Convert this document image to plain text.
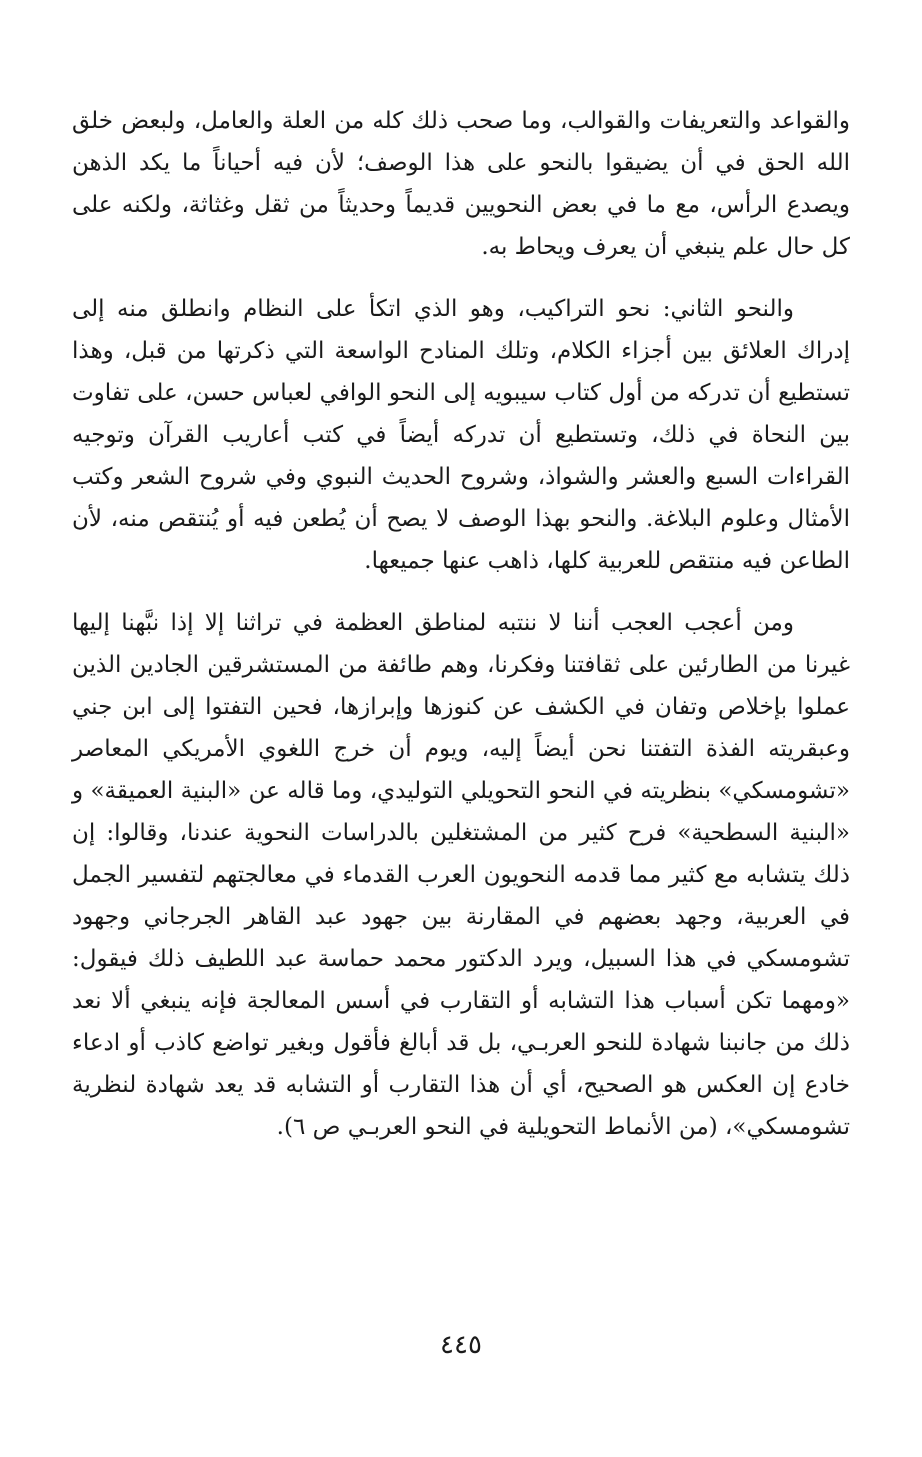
والقواعد والتعريفات والقوالب، وما صحب ذلك كله من العلة والعامل، ولبعض خلق الله الحق في أن يضيقوا بالنحو على هذا الوصف؛ لأن فيه أحياناً ما يكد الذهن ويصدع الرأس، مع ما في بعض النحويين قديماً وحديثاً من ثقل وغثاثة، ولكنه على كل حال علم ينبغي أن يعرف ويحاط به.

والنحو الثاني: نحو التراكيب، وهو الذي اتكأ على النظام وانطلق منه إلى إدراك العلائق بين أجزاء الكلام، وتلك المنادح الواسعة التي ذكرتها من قبل، وهذا تستطيع أن تدركه من أول كتاب سيبويه إلى النحو الوافي لعباس حسن، على تفاوت بين النحاة في ذلك، وتستطيع أن تدركه أيضاً في كتب أعاريب القرآن وتوجيه القراءات السبع والعشر والشواذ، وشروح الحديث النبوي وفي شروح الشعر وكتب الأمثال وعلوم البلاغة. والنحو بهذا الوصف لا يصح أن يُطعن فيه أو يُنتقص منه، لأن الطاعن فيه منتقص للعربية كلها، ذاهب عنها جميعها.

ومن أعجب العجب أننا لا ننتبه لمناطق العظمة في تراثنا إلا إذا نبَّهنا إليها غيرنا من الطارئين على ثقافتنا وفكرنا، وهم طائفة من المستشرقين الجادين الذين عملوا بإخلاص وتفان في الكشف عن كنوزها وإبرازها، فحين التفتوا إلى ابن جني وعبقريته الفذة التفتنا نحن أيضاً إليه، ويوم أن خرج اللغوي الأمريكي المعاصر «تشومسكي» بنظريته في النحو التحويلي التوليدي، وما قاله عن «البنية العميقة» و «البنية السطحية» فرح كثير من المشتغلين بالدراسات النحوية عندنا، وقالوا: إن ذلك يتشابه مع كثير مما قدمه النحويون العرب القدماء في معالجتهم لتفسير الجمل في العربية، وجهد بعضهم في المقارنة بين جهود عبد القاهر الجرجاني وجهود تشومسكي في هذا السبيل، ويرد الدكتور محمد حماسة عبد اللطيف ذلك فيقول: «ومهما تكن أسباب هذا التشابه أو التقارب في أسس المعالجة فإنه ينبغي ألا نعد ذلك من جانبنا شهادة للنحو العربـي، بل قد أبالغ فأقول وبغير تواضع كاذب أو ادعاء خادع إن العكس هو الصحيح، أي أن هذا التقارب أو التشابه قد يعد شهادة لنظرية تشومسكي»، (من الأنماط التحويلية في النحو العربـي ص ٦).

٤٤٥
